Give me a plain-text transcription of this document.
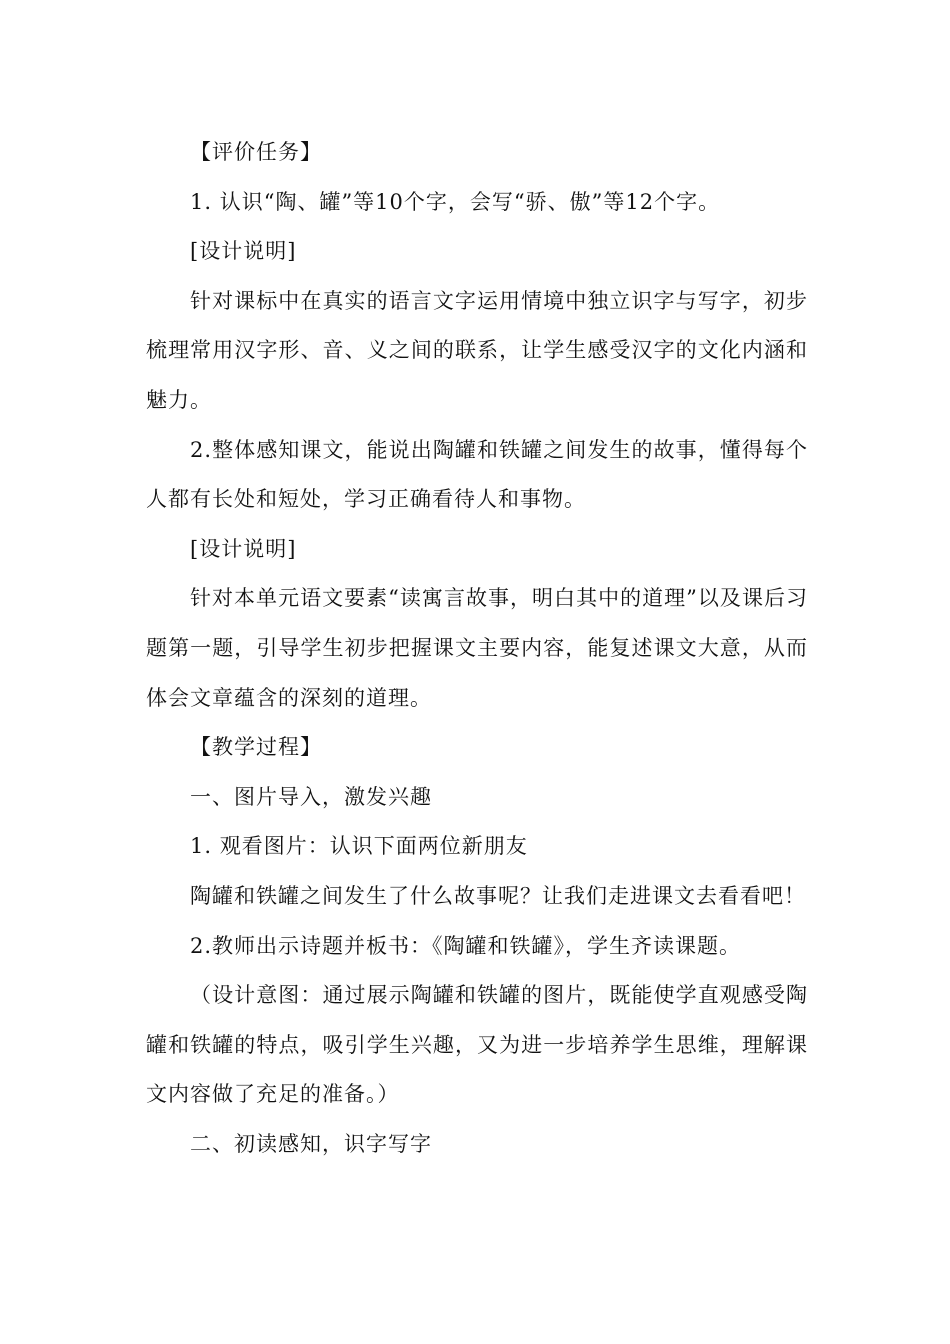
【评价任务】

1. 认识“陶、罐”等10个字，会写“骄、傲”等12个字。

[设计说明]

针对课标中在真实的语言文字运用情境中独立识字与写字，初步梳理常用汉字形、音、义之间的联系，让学生感受汉字的文化内涵和魅力。

2.整体感知课文，能说出陶罐和铁罐之间发生的故事，懂得每个人都有长处和短处，学习正确看待人和事物。

[设计说明]

针对本单元语文要素“读寓言故事，明白其中的道理”以及课后习题第一题，引导学生初步把握课文主要内容，能复述课文大意，从而体会文章蕴含的深刻的道理。

【教学过程】

一、图片导入，激发兴趣

1. 观看图片：认识下面两位新朋友

陶罐和铁罐之间发生了什么故事呢？让我们走进课文去看看吧！

2.教师出示诗题并板书：《陶罐和铁罐》，学生齐读课题。

（设计意图：通过展示陶罐和铁罐的图片，既能使学直观感受陶罐和铁罐的特点，吸引学生兴趣，又为进一步培养学生思维，理解课文内容做了充足的准备。）

二、初读感知，识字写字
